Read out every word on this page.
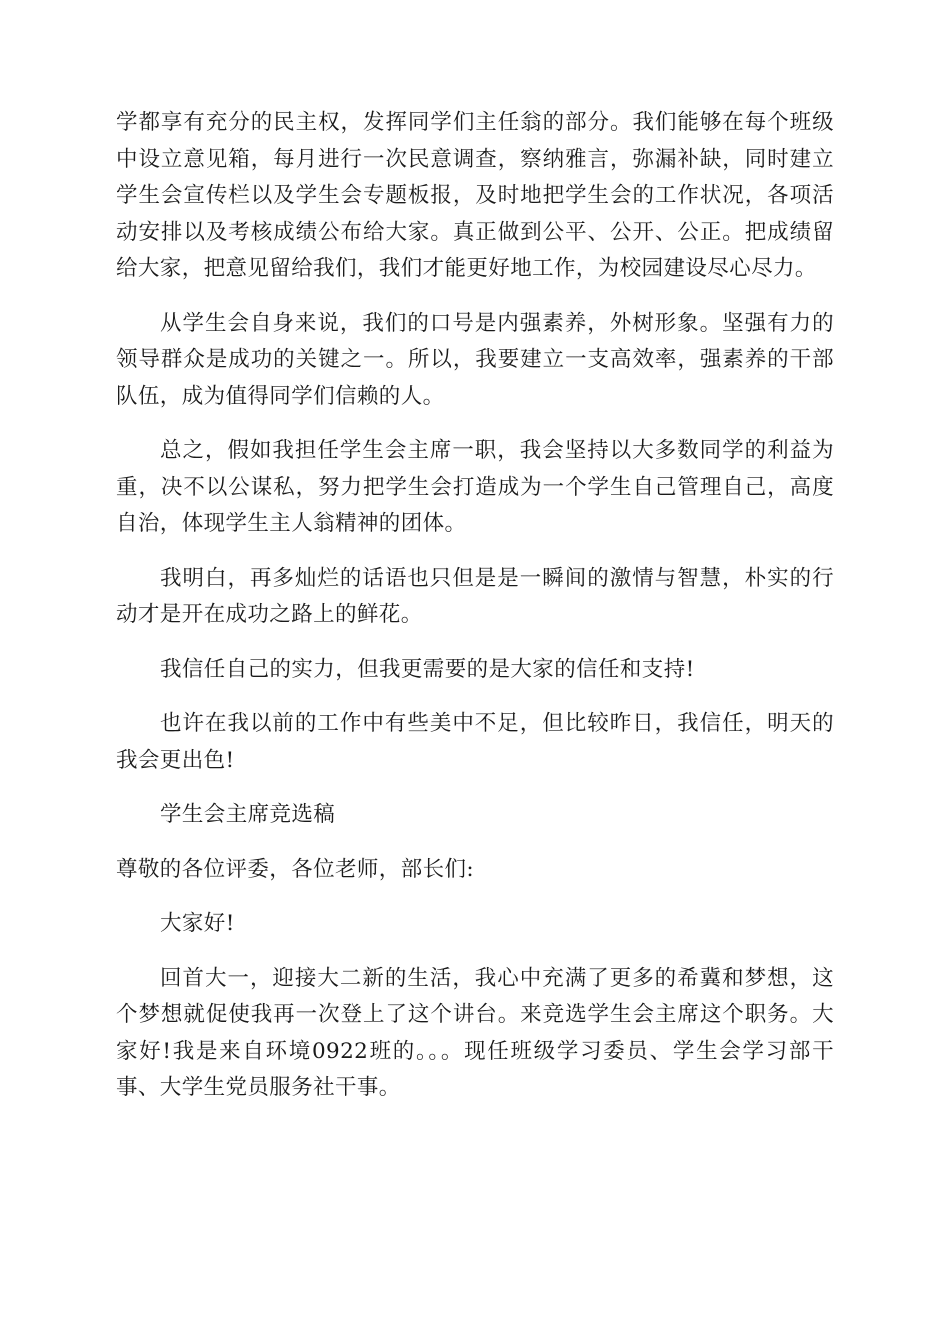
学都享有充分的民主权，发挥同学们主任翁的部分。我们能够在每个班级中设立意见箱，每月进行一次民意调查，察纳雅言，弥漏补缺，同时建立学生会宣传栏以及学生会专题板报，及时地把学生会的工作状况，各项活动安排以及考核成绩公布给大家。真正做到公平、公开、公正。把成绩留给大家，把意见留给我们，我们才能更好地工作，为校园建设尽心尽力。

从学生会自身来说，我们的口号是内强素养，外树形象。坚强有力的领导群众是成功的关键之一。所以，我要建立一支高效率，强素养的干部队伍，成为值得同学们信赖的人。

总之，假如我担任学生会主席一职，我会坚持以大多数同学的利益为重，决不以公谋私，努力把学生会打造成为一个学生自己管理自己，高度自治，体现学生主人翁精神的团体。

我明白，再多灿烂的话语也只但是是一瞬间的激情与智慧，朴实的行动才是开在成功之路上的鲜花。

我信任自己的实力，但我更需要的是大家的信任和支持!

也许在我以前的工作中有些美中不足，但比较昨日，我信任，明天的我会更出色!

学生会主席竞选稿

尊敬的各位评委，各位老师，部长们:

大家好!

回首大一，迎接大二新的生活，我心中充满了更多的希冀和梦想，这个梦想就促使我再一次登上了这个讲台。来竞选学生会主席这个职务。大家好!我是来自环境0922班的。。。现任班级学习委员、学生会学习部干事、大学生党员服务社干事。
